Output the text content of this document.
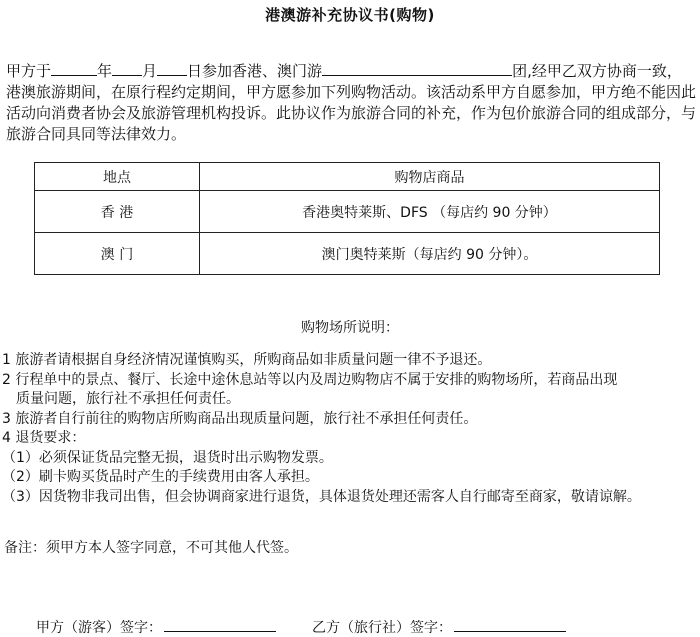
港澳游补充协议书(购物)
甲方于	年 月 日参加香港、澳门游	团,经甲乙双方协商一致，港澳旅游期间，在原行程约定期间，甲方愿参加下列购物活动。该活动系甲方自愿参加，甲方绝不能因此活动向消费者协会及旅游管理机构投诉。此协议作为旅游合同的补充，作为包价旅游合同的组成部分，与旅游合同具同等法律效力。
地点	购物店商品
香 港	香港奥特莱斯、DFS （每店约 90 分钟）
澳 门	澳门奥特莱斯（每店约 90 分钟）。
购物场所说明：
1 旅游者请根据自身经济情况谨慎购买，所购商品如非质量问题一律不予退还。
2 行程单中的景点、餐厅、长途中途休息站等以内及周边购物店不属于安排的购物场所，若商品出现
质量问题，旅行社不承担任何责任。
3 旅游者自行前往的购物店所购商品出现质量问题，旅行社不承担任何责任。
4 退货要求：
（1）必须保证货品完整无损，退货时出示购物发票。
（2）刷卡购买货品时产生的手续费用由客人承担。
（3）因货物非我司出售，但会协调商家进行退货，具体退货处理还需客人自行邮寄至商家，敬请谅解。
备注：须甲方本人签字同意，不可其他人代签。
甲方（游客）签字：	乙方（旅行社）签字：
